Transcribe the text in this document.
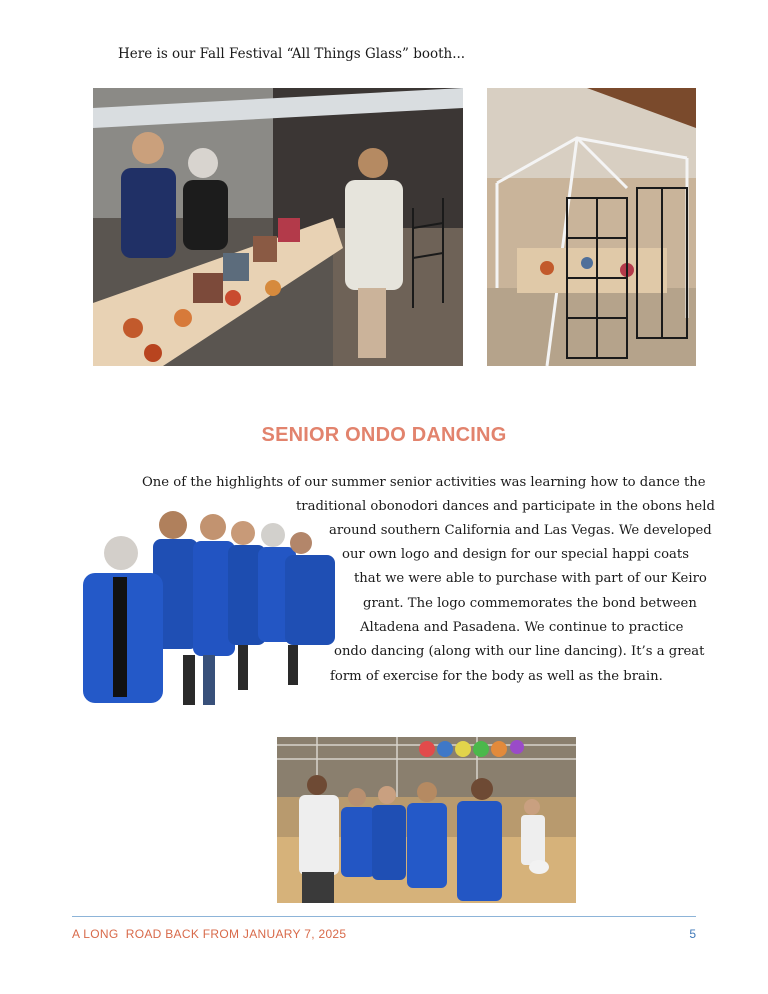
Here is our Fall Festival “All Things Glass” booth...
SENIOR ONDO DANCING
One of the highlights of our summer senior activities was learning how to dance the
traditional obonodori dances and participate in the obons held
around southern California and Las Vegas. We developed
our own logo and design for our special happi coats
that we were able to purchase with part of our Keiro
grant. The logo commemorates the bond between
Altadena and Pasadena. We continue to practice
ondo dancing (along with our line dancing). It’s a great
form of exercise for the body as well as the brain.
A LONG  ROAD BACK FROM JANUARY 7, 2025	5
